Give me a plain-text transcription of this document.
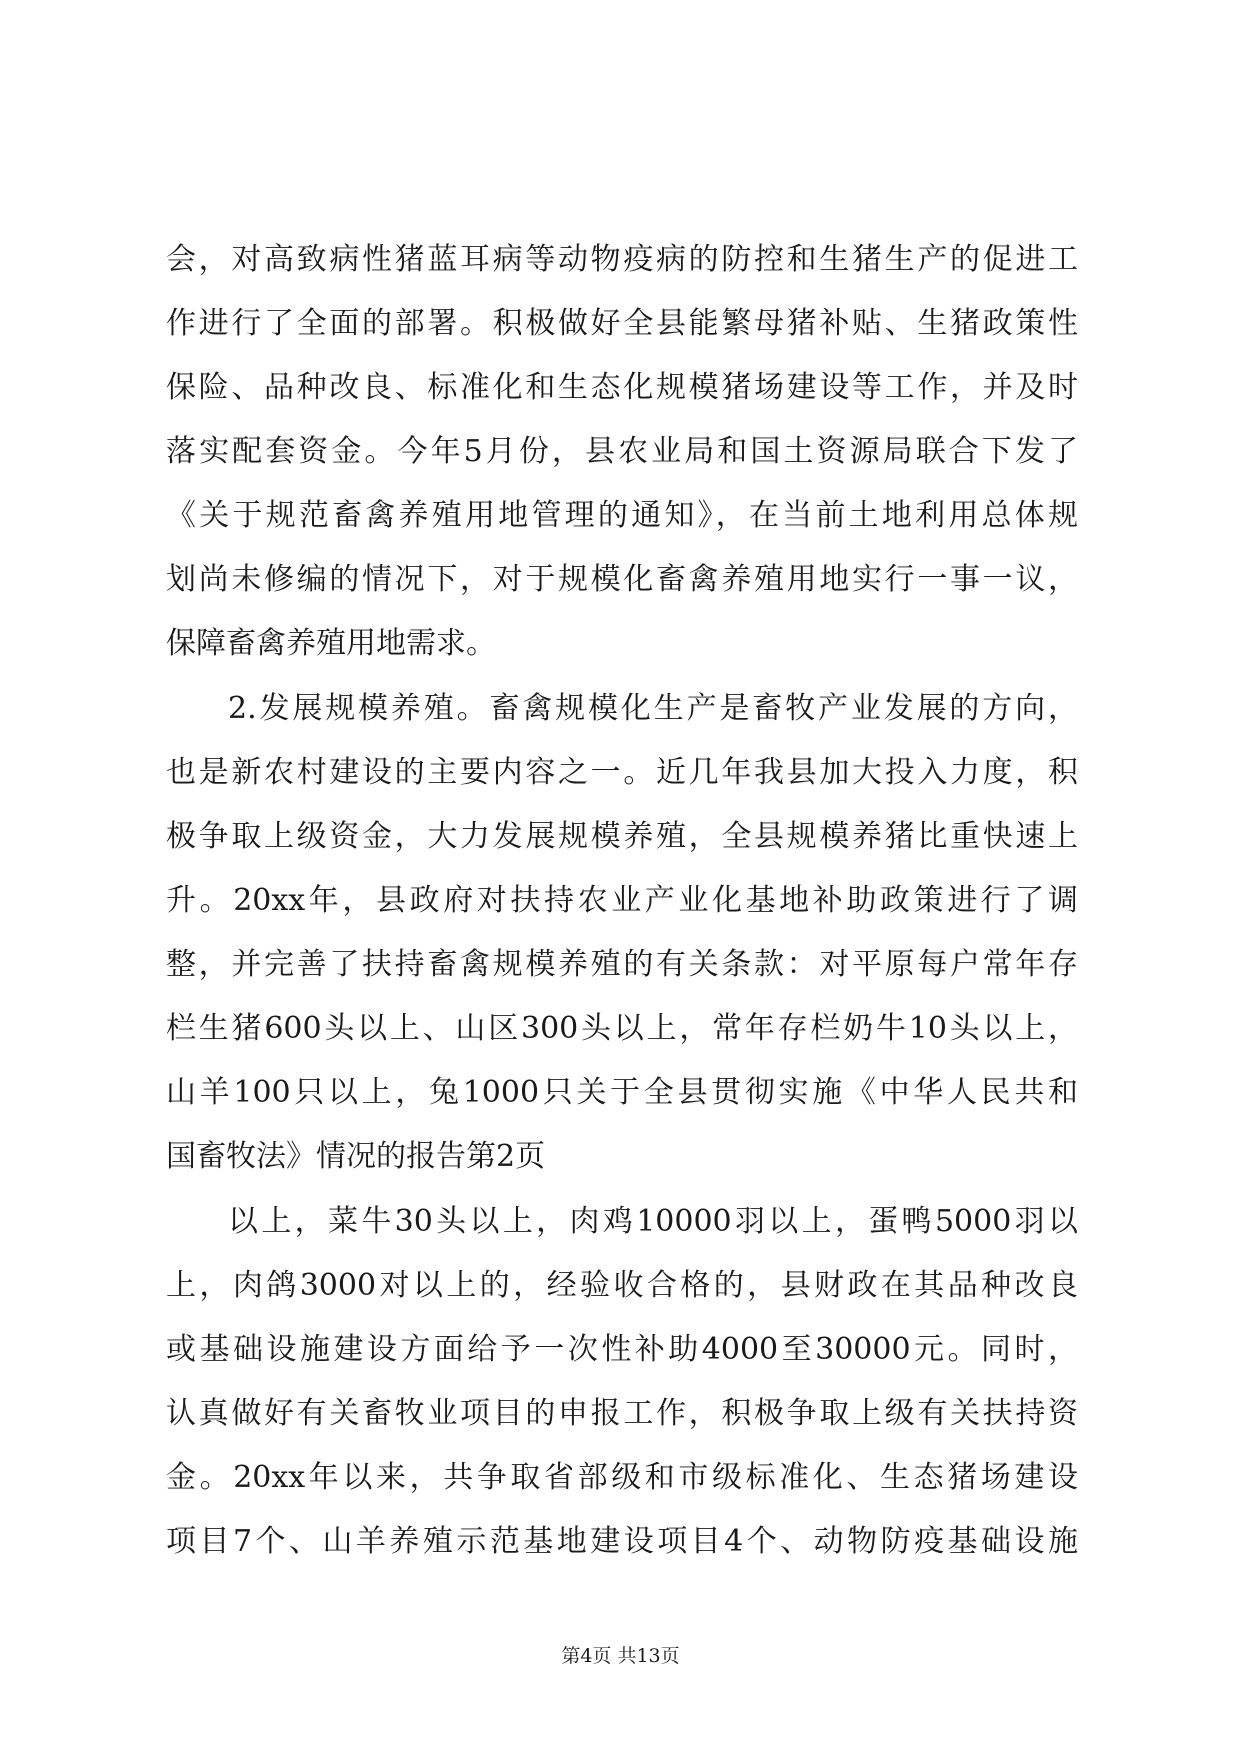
会，对高致病性猪蓝耳病等动物疫病的防控和生猪生产的促进工
作进行了全面的部署。积极做好全县能繁母猪补贴、生猪政策性
保险、品种改良、标准化和生态化规模猪场建设等工作，并及时
落实配套资金。今年5月份，县农业局和国土资源局联合下发了
《关于规范畜禽养殖用地管理的通知》，在当前土地利用总体规
划尚未修编的情况下，对于规模化畜禽养殖用地实行一事一议，
保障畜禽养殖用地需求。
2.发展规模养殖。畜禽规模化生产是畜牧产业发展的方向，
也是新农村建设的主要内容之一。近几年我县加大投入力度，积
极争取上级资金，大力发展规模养殖，全县规模养猪比重快速上
升。20xx年，县政府对扶持农业产业化基地补助政策进行了调
整，并完善了扶持畜禽规模养殖的有关条款：对平原每户常年存
栏生猪600头以上、山区300头以上，常年存栏奶牛10头以上，
山羊100只以上，兔1000只关于全县贯彻实施《中华人民共和
国畜牧法》情况的报告第2页
以上，菜牛30头以上，肉鸡10000羽以上，蛋鸭5000羽以
上，肉鸽3000对以上的，经验收合格的，县财政在其品种改良
或基础设施建设方面给予一次性补助4000至30000元。同时，
认真做好有关畜牧业项目的申报工作，积极争取上级有关扶持资
金。20xx年以来，共争取省部级和市级标准化、生态猪场建设
项目7个、山羊养殖示范基地建设项目4个、动物防疫基础设施
第4页 共13页
